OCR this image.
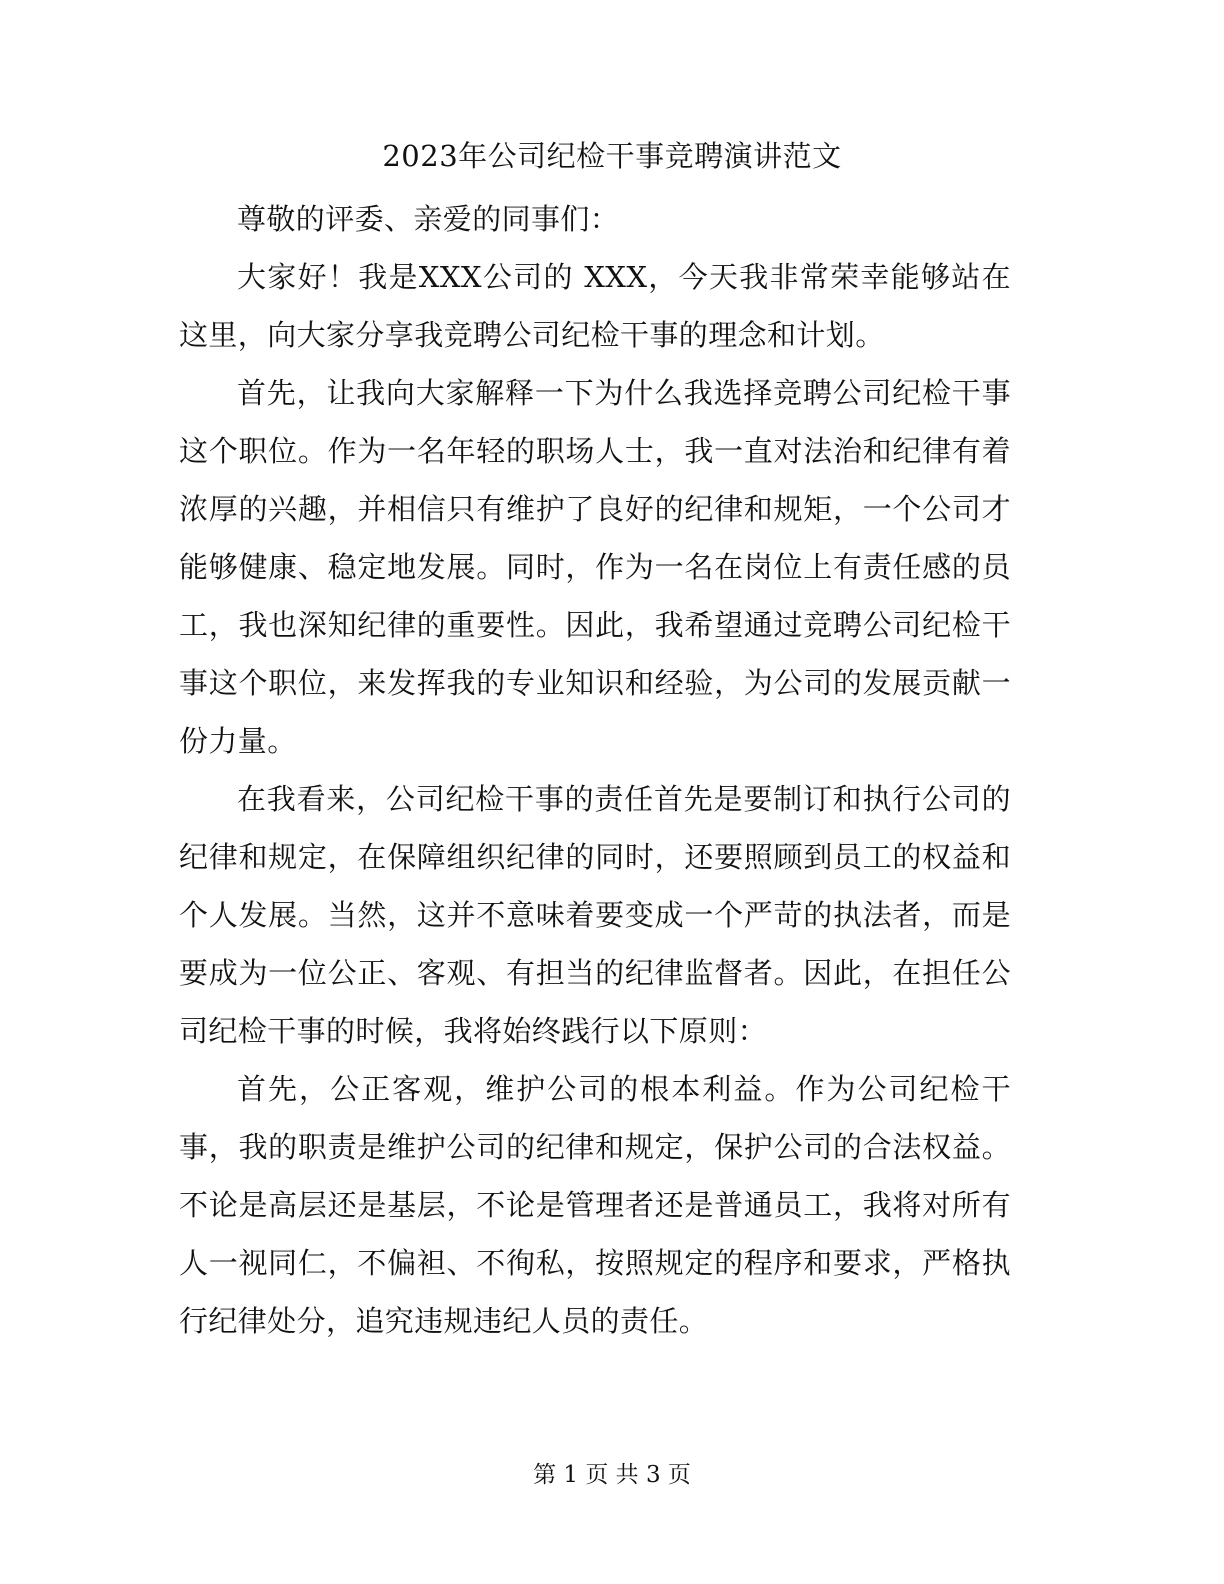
2023年公司纪检干事竞聘演讲范文

尊敬的评委、亲爱的同事们：

大家好！我是XXX公司的 XXX，今天我非常荣幸能够站在这里，向大家分享我竞聘公司纪检干事的理念和计划。

首先，让我向大家解释一下为什么我选择竞聘公司纪检干事这个职位。作为一名年轻的职场人士，我一直对法治和纪律有着浓厚的兴趣，并相信只有维护了良好的纪律和规矩，一个公司才能够健康、稳定地发展。同时，作为一名在岗位上有责任感的员工，我也深知纪律的重要性。因此，我希望通过竞聘公司纪检干事这个职位，来发挥我的专业知识和经验，为公司的发展贡献一份力量。

在我看来，公司纪检干事的责任首先是要制订和执行公司的纪律和规定，在保障组织纪律的同时，还要照顾到员工的权益和个人发展。当然，这并不意味着要变成一个严苛的执法者，而是要成为一位公正、客观、有担当的纪律监督者。因此，在担任公司纪检干事的时候，我将始终践行以下原则：

首先，公正客观，维护公司的根本利益。作为公司纪检干事，我的职责是维护公司的纪律和规定，保护公司的合法权益。不论是高层还是基层，不论是管理者还是普通员工，我将对所有人一视同仁，不偏袒、不徇私，按照规定的程序和要求，严格执行纪律处分，追究违规违纪人员的责任。

第 1 页 共 3 页
